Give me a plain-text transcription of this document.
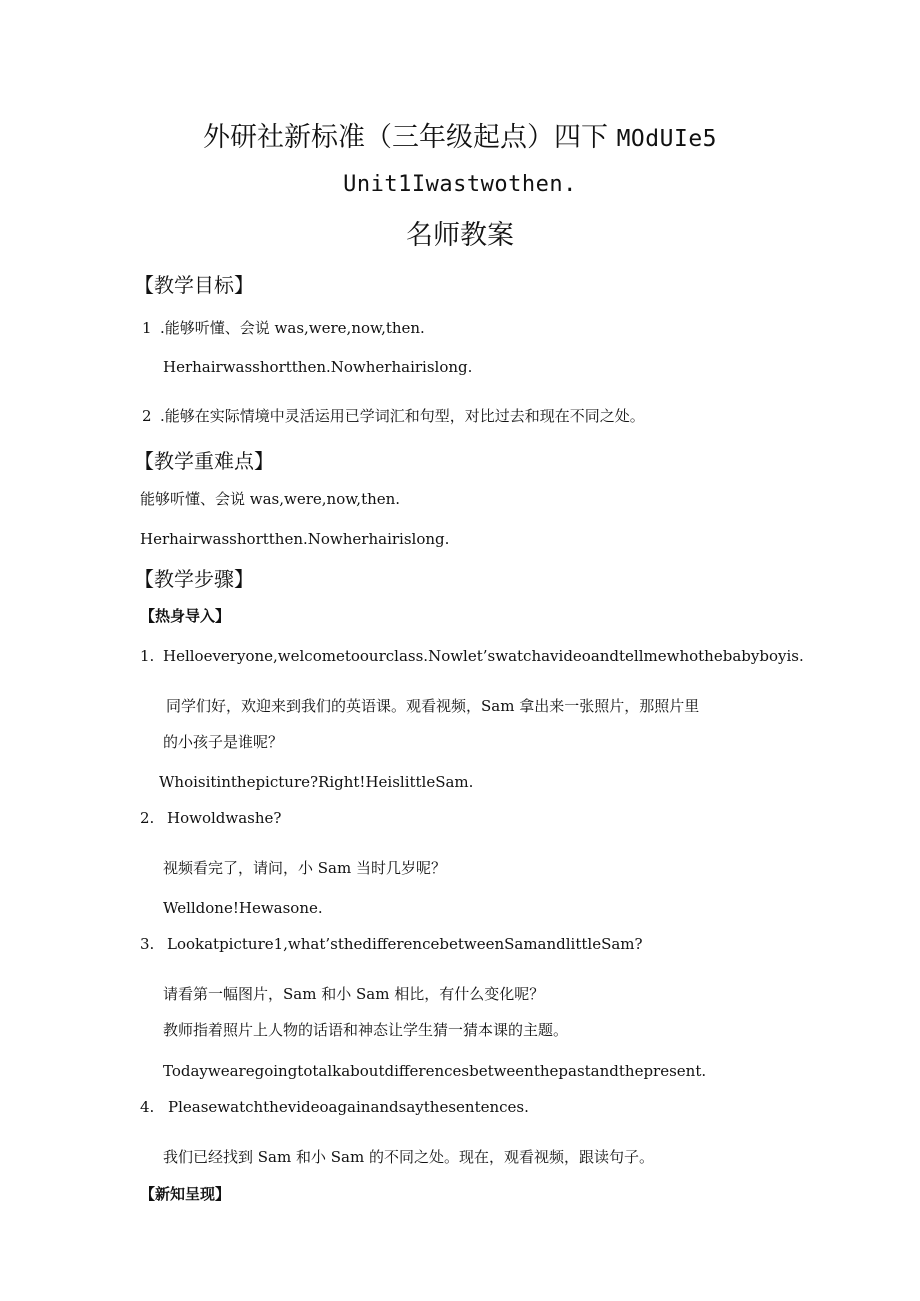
外研社新标准（三年级起点）四下 MOdUIe5
Unit1Iwastwothen.
名师教案
【教学目标】
1 .能够听懂、会说 was,were,now,then.
Herhairwasshortthen.Nowherhairislong.
2 .能够在实际情境中灵活运用已学词汇和句型，对比过去和现在不同之处。
【教学重难点】
能够听懂、会说 was,were,now,then.
Herhairwasshortthen.Nowherhairislong.
【教学步骤】
【热身导入】
1. Helloeveryone,welcometoourclass.Nowlet’swatchavideoandtellmewhothebabyboyis.
同学们好，欢迎来到我们的英语课。观看视频，Sam 拿出来一张照片，那照片里
的小孩子是谁呢？
Whoisitinthepicture?Right!HeislittleSam.
2. Howoldwashe?
视频看完了，请问，小 Sam 当时几岁呢？
Welldone!Hewasone.
3. Lookatpicture1,what’sthedifferencebetweenSamandlittleSam?
请看第一幅图片，Sam 和小 Sam 相比，有什么变化呢？
教师指着照片上人物的话语和神态让学生猜一猜本课的主题。
Todaywearegoingtotalkaboutdifferencesbetweenthepastandthepresent.
4. Pleasewatchthevideoagainandsaythesentences.
我们已经找到 Sam 和小 Sam 的不同之处。现在，观看视频，跟读句子。
【新知呈现】
